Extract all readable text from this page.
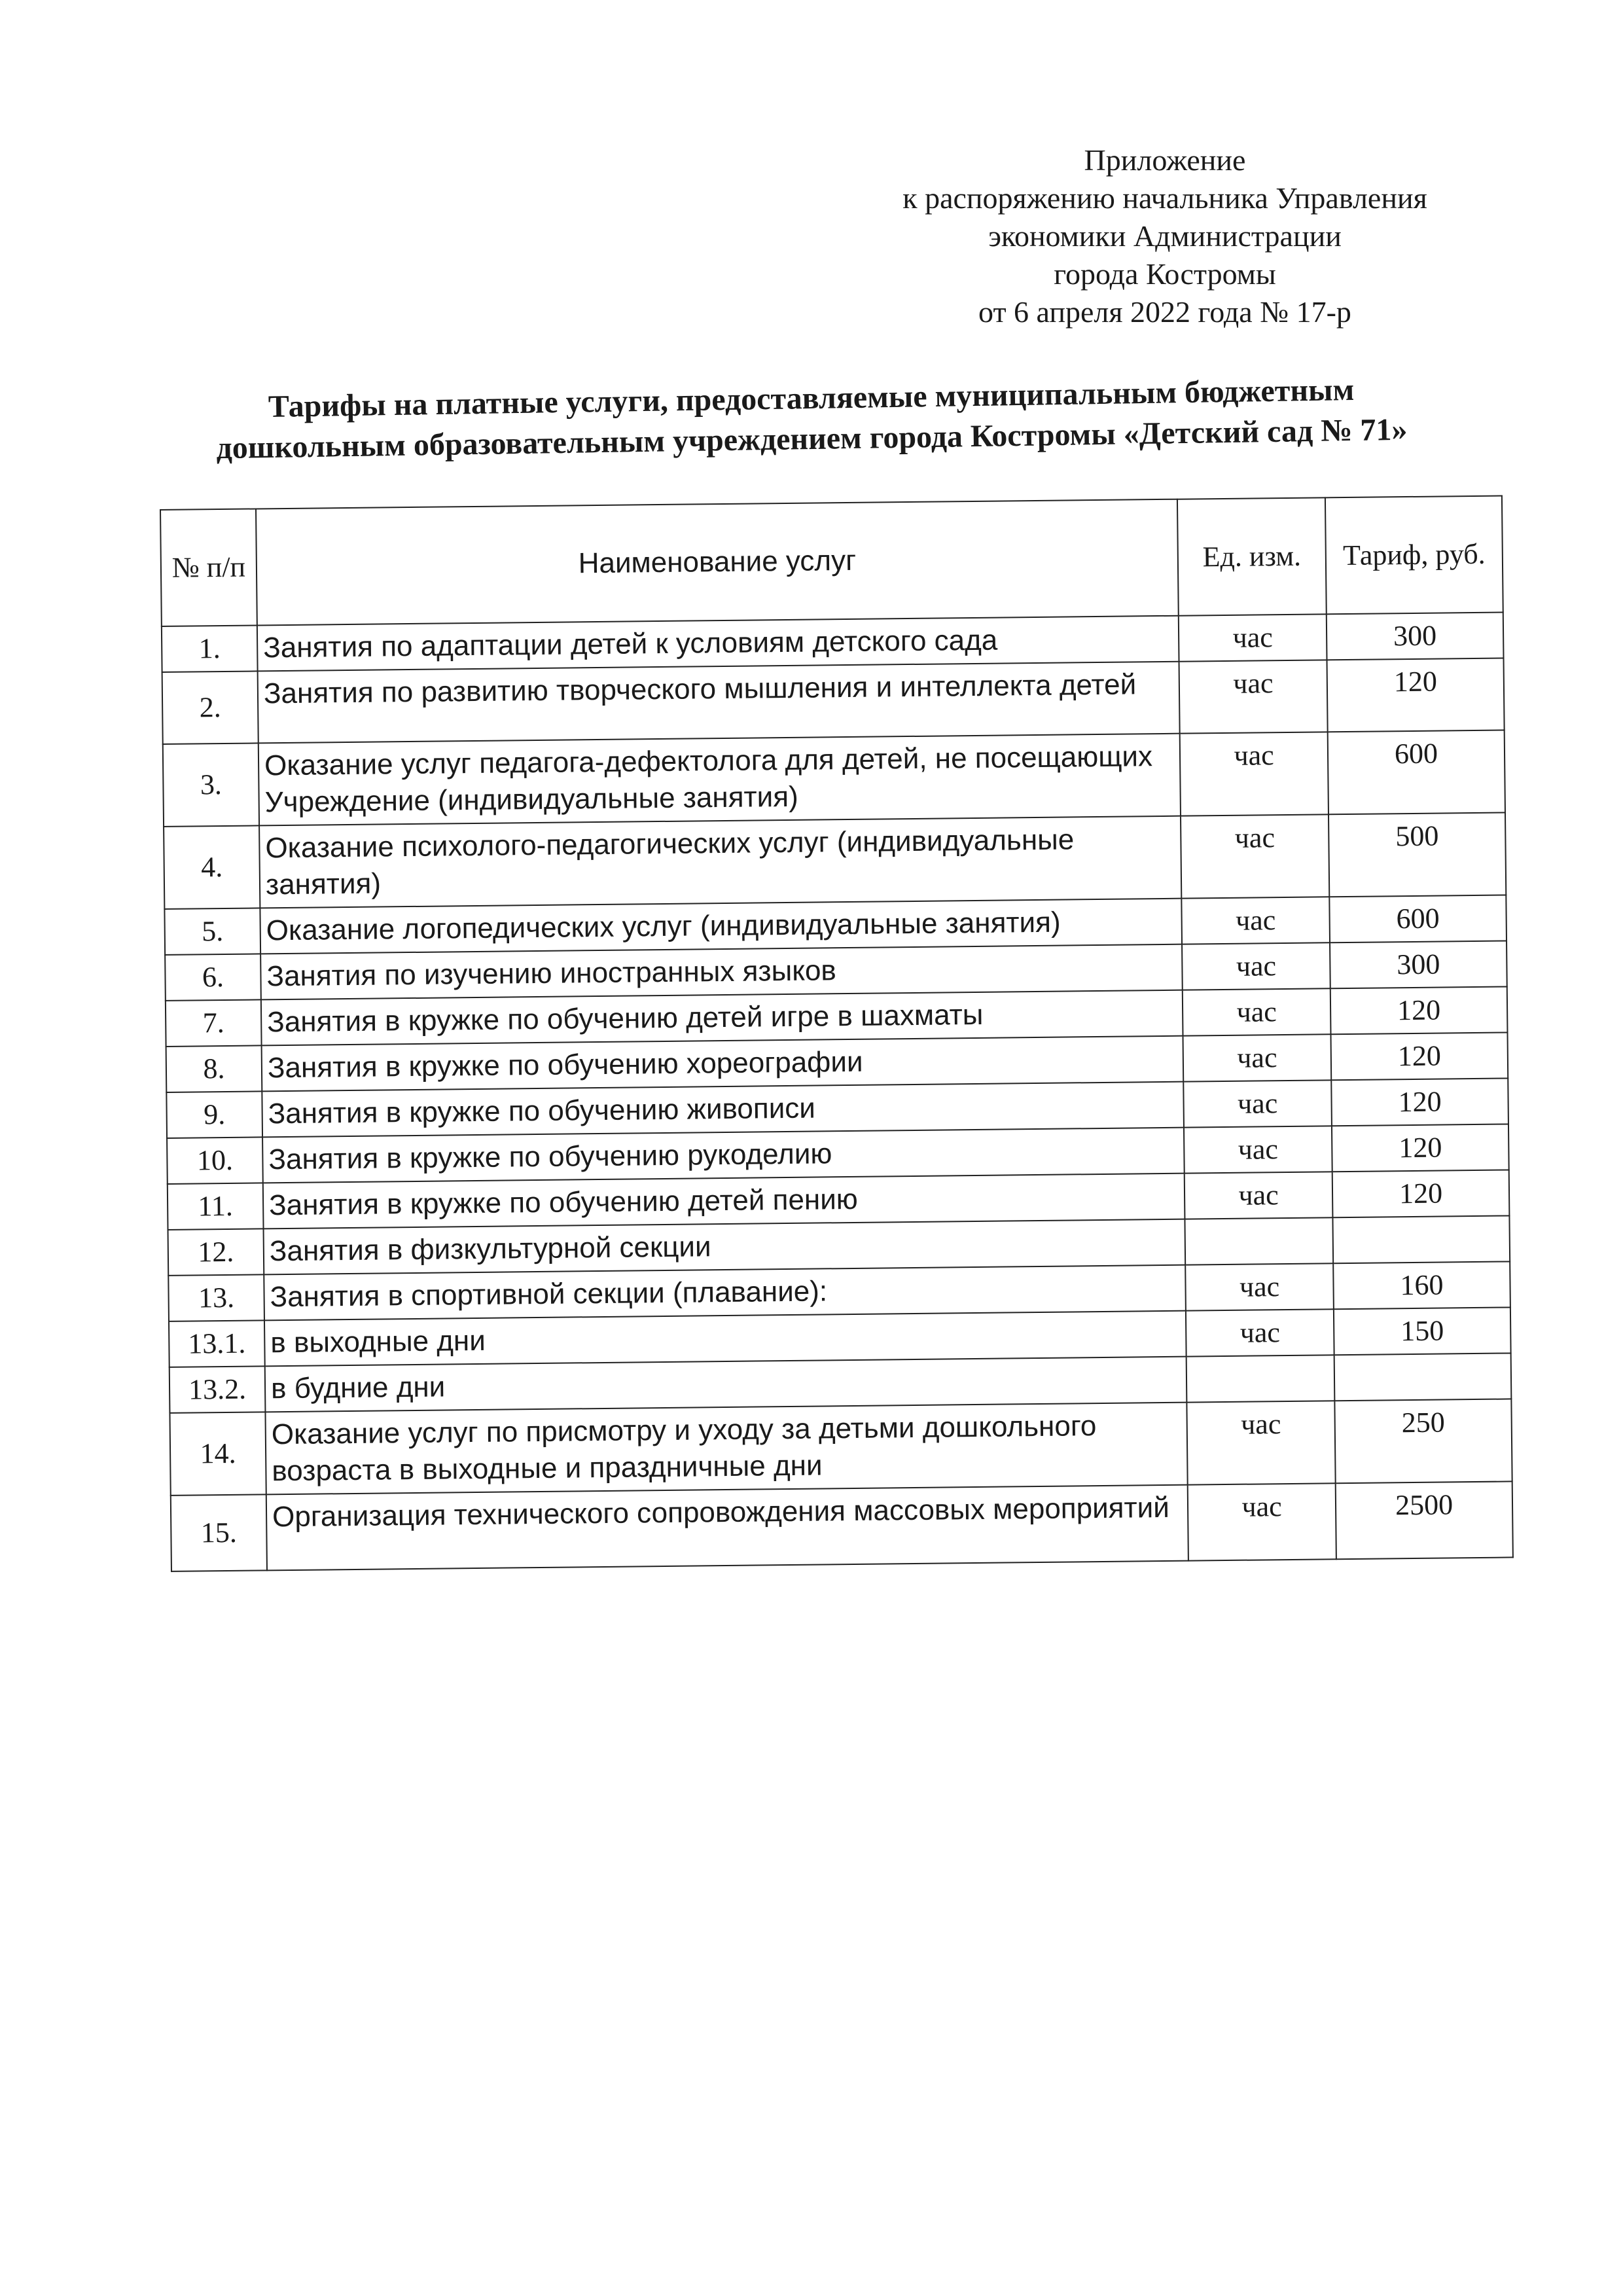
Приложение
к распоряжению начальника Управления
экономики Администрации
города Костромы
от 6 апреля 2022 года № 17-р
Тарифы на платные услуги, предоставляемые муниципальным бюджетным
дошкольным образовательным учреждением города Костромы «Детский сад № 71»
№ п/п	Наименование услуг	Ед. изм.	Тариф, руб.
1.	Занятия по адаптации детей к условиям детского сада	час	300
2.	Занятия по развитию творческого мышления и интеллекта детей	час	120
3.	Оказание услуг педагога-дефектолога для детей, не посещающих Учреждение (индивидуальные занятия)	час	600
4.	Оказание психолого-педагогических услуг (индивидуальные занятия)	час	500
5.	Оказание логопедических услуг (индивидуальные занятия)	час	600
6.	Занятия по изучению иностранных языков	час	300
7.	Занятия в кружке по обучению детей игре в шахматы	час	120
8.	Занятия в кружке по обучению хореографии	час	120
9.	Занятия в кружке по обучению живописи	час	120
10.	Занятия в кружке по обучению рукоделию	час	120
11.	Занятия в кружке по обучению детей пению	час	120
12.	Занятия в физкультурной секции		
13.	Занятия в спортивной секции (плавание):	час	160
13.1.	в выходные дни	час	150
13.2.	в будние дни		
14.	Оказание услуг по присмотру и уходу за детьми дошкольного возраста в выходные и праздничные дни	час	250
15.	Организация технического сопровождения массовых мероприятий	час	2500
